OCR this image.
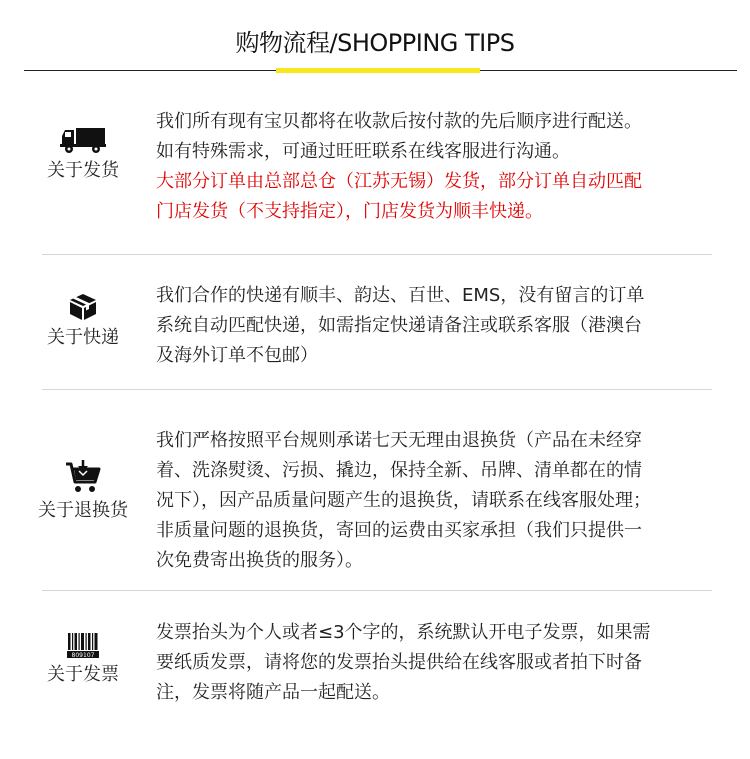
购物流程/SHOPPING TIPS
关于发货

我们所有现有宝贝都将在收款后按付款的先后顺序进行配送。

如有特殊需求，可通过旺旺联系在线客服进行沟通。

大部分订单由总部总仓（江苏无锡）发货，部分订单自动匹配

门店发货（不支持指定），门店发货为顺丰快递。

关于快递

我们合作的快递有顺丰、韵达、百世、EMS，没有留言的订单

系统自动匹配快递，如需指定快递请备注或联系客服（港澳台

及海外订单不包邮）

关于退换货

我们严格按照平台规则承诺七天无理由退换货（产品在未经穿

着、洗涤熨烫、污损、撬边，保持全新、吊牌、清单都在的情

况下），因产品质量问题产生的退换货，请联系在线客服处理；

非质量问题的退换货，寄回的运费由买家承担（我们只提供一

次免费寄出换货的服务）。

809107
关于发票

发票抬头为个人或者≤3个字的，系统默认开电子发票，如果需

要纸质发票，请将您的发票抬头提供给在线客服或者拍下时备

注，发票将随产品一起配送。
